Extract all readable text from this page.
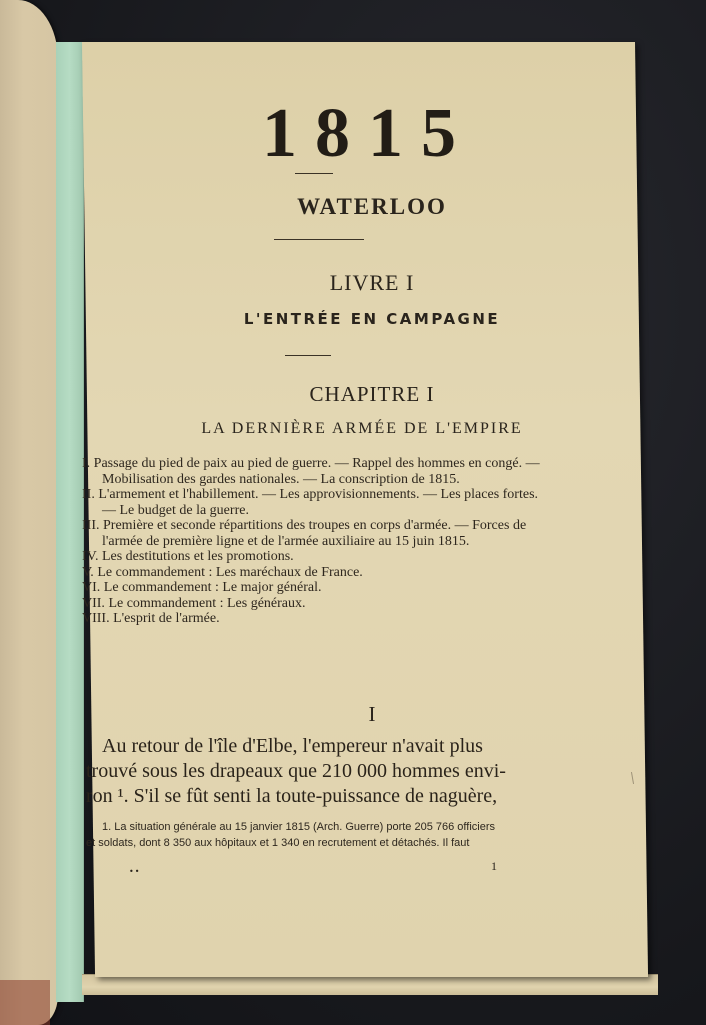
1815
WATERLOO
LIVRE I
L'ENTRÉE EN CAMPAGNE
CHAPITRE I
LA DERNIÈRE ARMÉE DE L'EMPIRE

I. Passage du pied de paix au pied de guerre. — Rappel des hommes en congé. — Mobilisation des gardes nationales. — La conscription de 1815.

II. L'armement et l'habillement. — Les approvisionnements. — Les places fortes. — Le budget de la guerre.

III. Première et seconde répartitions des troupes en corps d'armée. — Forces de l'armée de première ligne et de l'armée auxiliaire au 15 juin 1815.

IV. Les destitutions et les promotions.

V. Le commandement : Les maréchaux de France.

VI. Le commandement : Le major général.

VII. Le commandement : Les généraux.

VIII. L'esprit de l'armée.

I
Au retour de l'île d'Elbe, l'empereur n'avait plus
trouvé sous les drapeaux que 210 000 hommes envi-
ron ¹. S'il se fût senti la toute-puissance de naguère,

1. La situation générale au 15 janvier 1815 (Arch. Guerre) porte 205 766 officiers

et soldats, dont 8 350 aux hôpitaux et 1 340 en recrutement et détachés. Il faut

1
••
